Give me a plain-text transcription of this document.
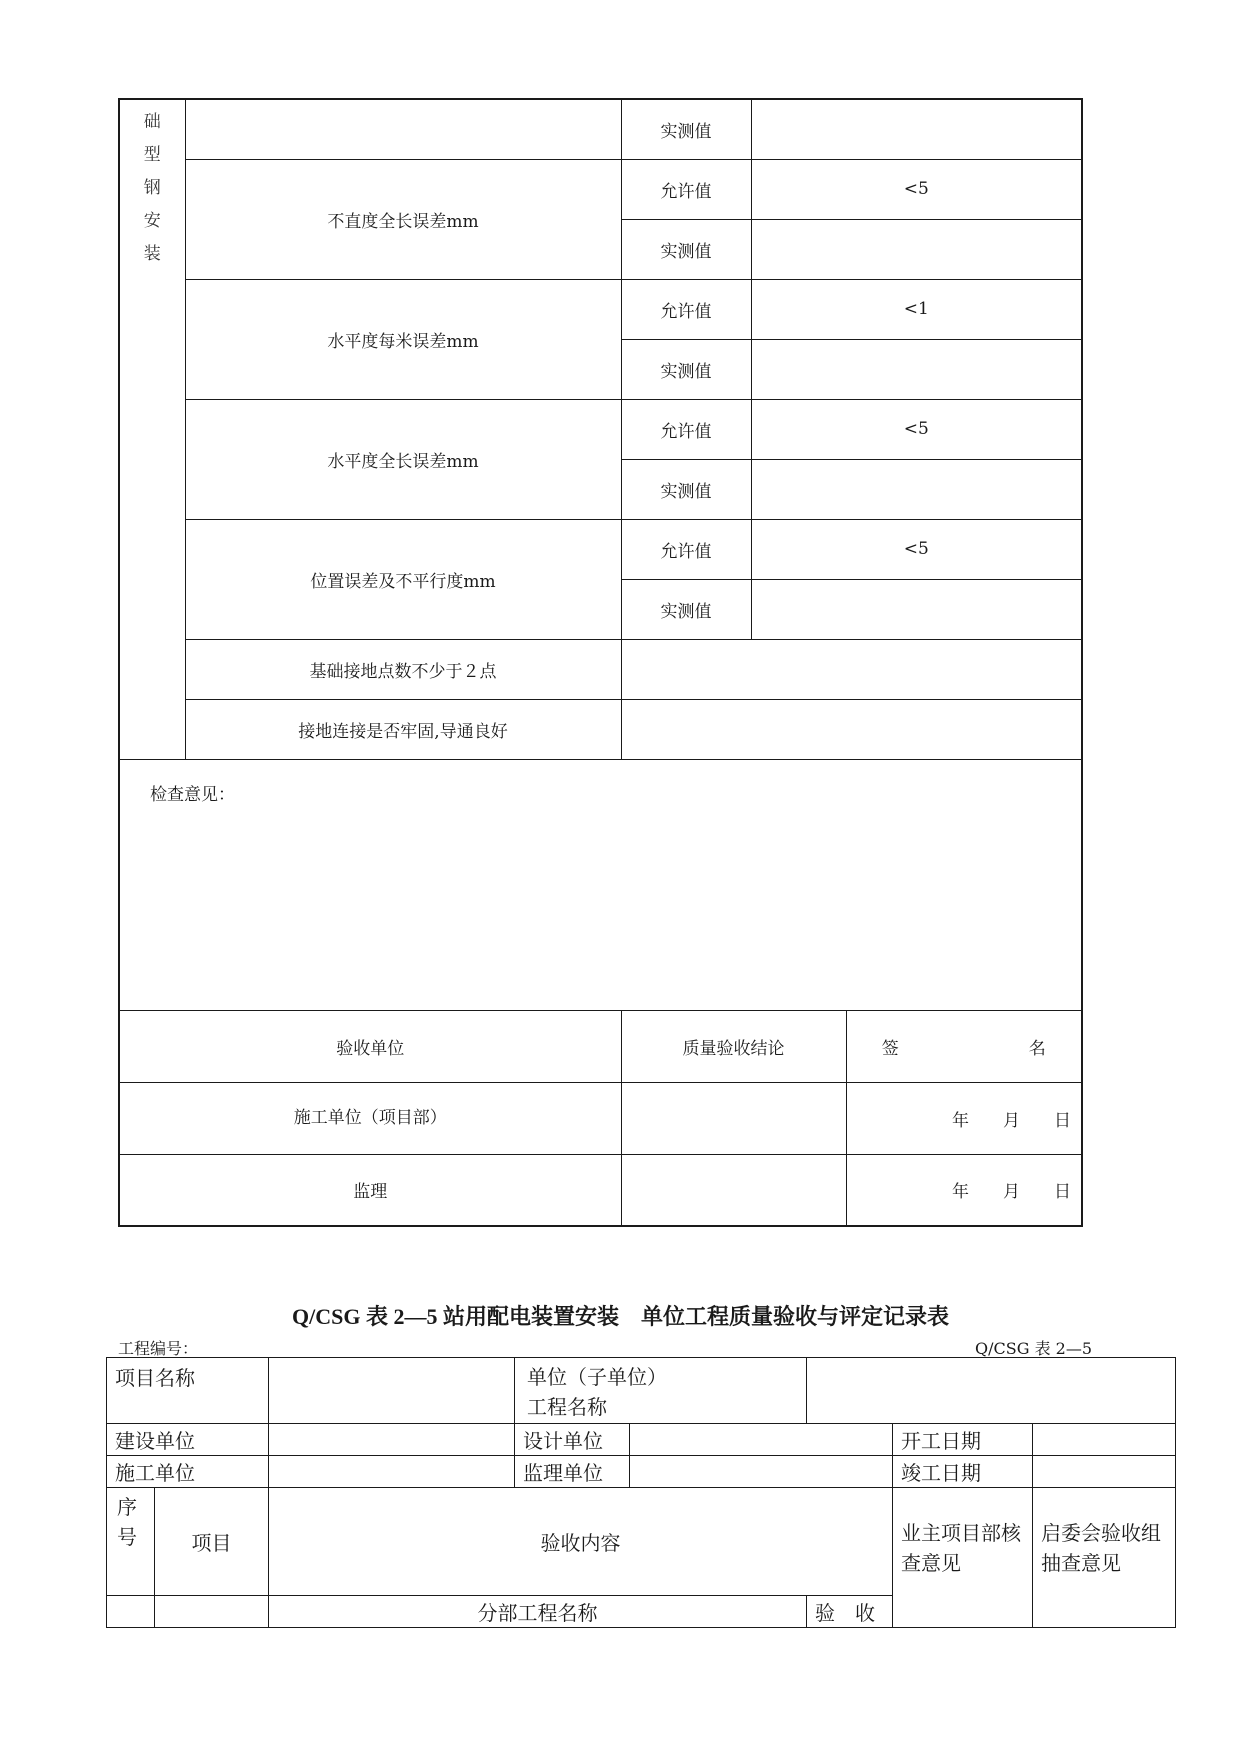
础
型
钢
安
装		实测值		
	不直度全长误差mm	允许值	<5	
		实测值		
	水平度每米误差mm	允许值	<1	
		实测值		
	水平度全长误差mm	允许值	<5	
		实测值		
	位置误差及不平行度mm	允许值	<5	
		实测值		
	基础接地点数不少于２点			
	接地连接是否牢固,导通良好			
检查意见：				
验收单位		质量验收结论		签 名
施工单位（项目部）				年 月 日
监理				年 月 日
Q/CSG 表 2—5 站用配电装置安装　单位工程质量验收与评定记录表
工程编号：	Q/CSG 表 2—5
项目名称			单位（子单位）工程名称				

建设单位			设计单位			开工日期	
施工单位			监理单位			竣工日期	

序号	项目	验收内容				业主项目部核查意见	启委会验收组抽查意见

		分部工程名称			验　收		
